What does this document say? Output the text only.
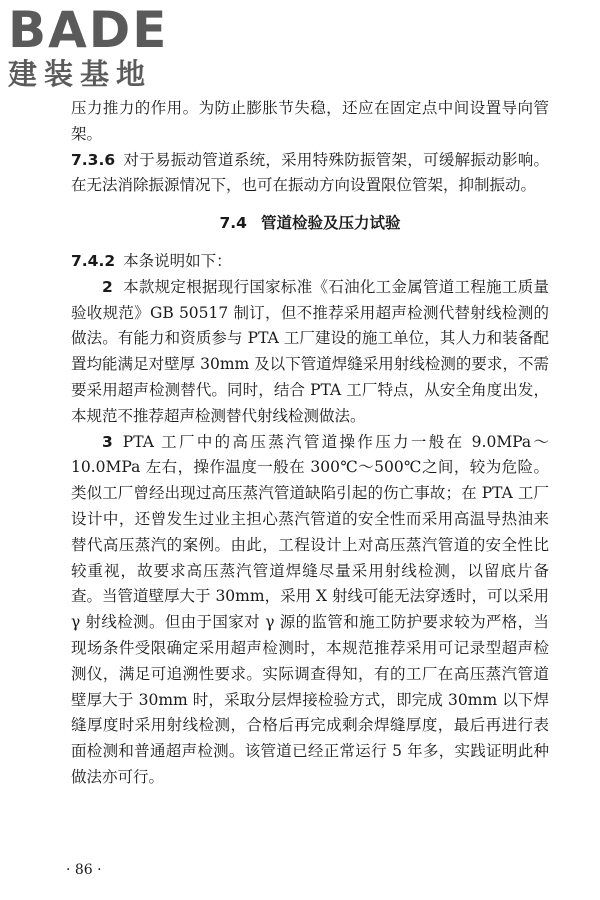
BADE
建装基地

压力推力的作用。为防止膨胀节失稳，还应在固定点中间设置导向管架。

7.3.6 对于易振动管道系统，采用特殊防振管架，可缓解振动影响。在无法消除振源情况下，也可在振动方向设置限位管架，抑制振动。

7.4 管道检验及压力试验

7.4.2 本条说明如下：

2 本款规定根据现行国家标准《石油化工金属管道工程施工质量验收规范》GB 50517 制订，但不推荐采用超声检测代替射线检测的做法。有能力和资质参与 PTA 工厂建设的施工单位，其人力和装备配置均能满足对壁厚 30mm 及以下管道焊缝采用射线检测的要求，不需要采用超声检测替代。同时，结合 PTA 工厂特点，从安全角度出发，本规范不推荐超声检测替代射线检测做法。

3 PTA 工厂中的高压蒸汽管道操作压力一般在 9.0MPa～10.0MPa 左右，操作温度一般在 300℃～500℃之间，较为危险。类似工厂曾经出现过高压蒸汽管道缺陷引起的伤亡事故；在 PTA 工厂设计中，还曾发生过业主担心蒸汽管道的安全性而采用高温导热油来替代高压蒸汽的案例。由此，工程设计上对高压蒸汽管道的安全性比较重视，故要求高压蒸汽管道焊缝尽量采用射线检测，以留底片备查。当管道壁厚大于 30mm，采用 X 射线可能无法穿透时，可以采用 γ 射线检测。但由于国家对 γ 源的监管和施工防护要求较为严格，当现场条件受限确定采用超声检测时，本规范推荐采用可记录型超声检测仪，满足可追溯性要求。实际调查得知，有的工厂在高压蒸汽管道壁厚大于 30mm 时，采取分层焊接检验方式，即完成 30mm 以下焊缝厚度时采用射线检测，合格后再完成剩余焊缝厚度，最后再进行表面检测和普通超声检测。该管道已经正常运行 5 年多，实践证明此种做法亦可行。

· 86 ·
